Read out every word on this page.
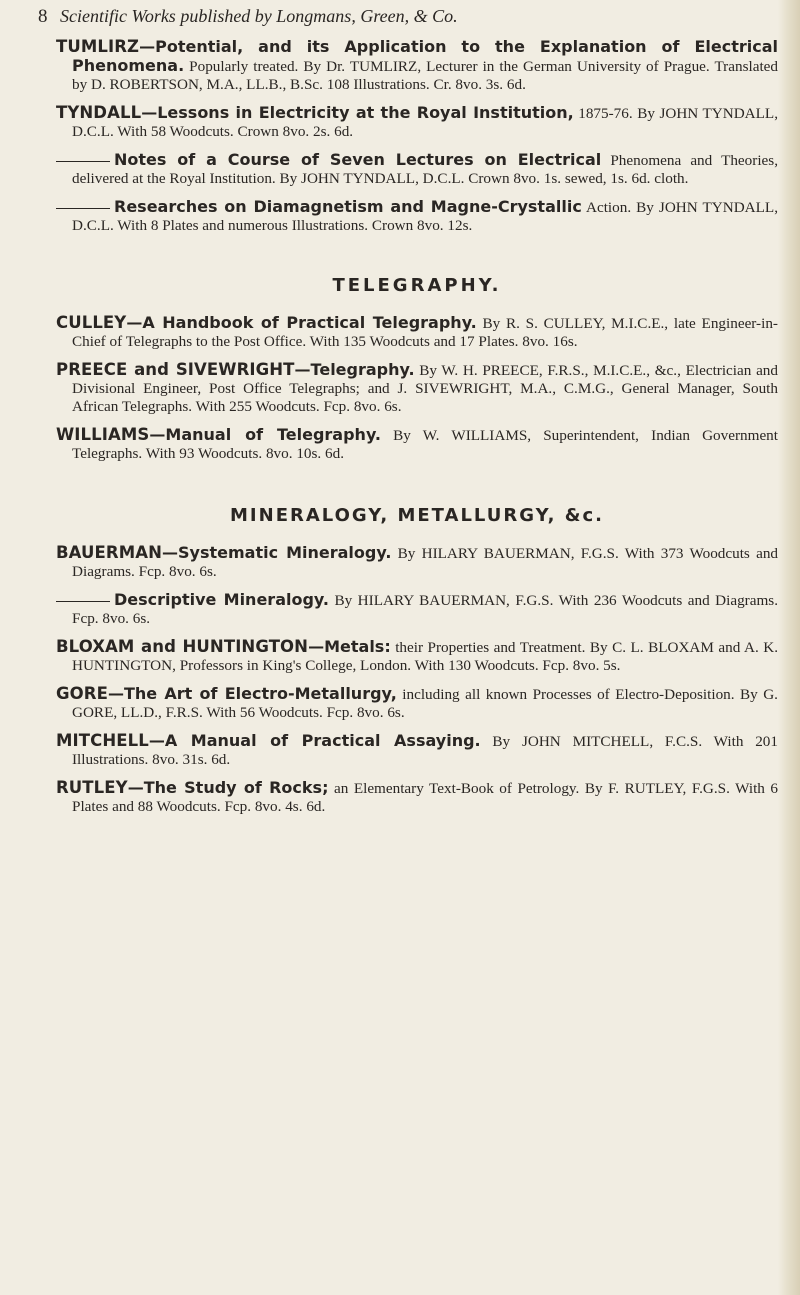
8 Scientific Works published by Longmans, Green, & Co.

TUMLIRZ—Potential, and its Application to the Explanation of Electrical Phenomena. Popularly treated. By Dr. TUMLIRZ, Lecturer in the German University of Prague. Translated by D. ROBERTSON, M.A., LL.B., B.Sc. 108 Illustrations. Cr. 8vo. 3s. 6d.

TYNDALL—Lessons in Electricity at the Royal Institution, 1875-76. By JOHN TYNDALL, D.C.L. With 58 Woodcuts. Crown 8vo. 2s. 6d.

Notes of a Course of Seven Lectures on Electrical Phenomena and Theories, delivered at the Royal Institution. By JOHN TYNDALL, D.C.L. Crown 8vo. 1s. sewed, 1s. 6d. cloth.

Researches on Diamagnetism and Magne-Crystallic Action. By JOHN TYNDALL, D.C.L. With 8 Plates and numerous Illustrations. Crown 8vo. 12s.

TELEGRAPHY.

CULLEY—A Handbook of Practical Telegraphy. By R. S. CULLEY, M.I.C.E., late Engineer-in-Chief of Telegraphs to the Post Office. With 135 Woodcuts and 17 Plates. 8vo. 16s.

PREECE and SIVEWRIGHT—Telegraphy. By W. H. PREECE, F.R.S., M.I.C.E., &c., Electrician and Divisional Engineer, Post Office Telegraphs; and J. SIVEWRIGHT, M.A., C.M.G., General Manager, South African Telegraphs. With 255 Woodcuts. Fcp. 8vo. 6s.

WILLIAMS—Manual of Telegraphy. By W. WILLIAMS, Superintendent, Indian Government Telegraphs. With 93 Woodcuts. 8vo. 10s. 6d.

MINERALOGY, METALLURGY, &c.

BAUERMAN—Systematic Mineralogy. By HILARY BAUERMAN, F.G.S. With 373 Woodcuts and Diagrams. Fcp. 8vo. 6s.

Descriptive Mineralogy. By HILARY BAUERMAN, F.G.S. With 236 Woodcuts and Diagrams. Fcp. 8vo. 6s.

BLOXAM and HUNTINGTON—Metals: their Properties and Treatment. By C. L. BLOXAM and A. K. HUNTINGTON, Professors in King's College, London. With 130 Woodcuts. Fcp. 8vo. 5s.

GORE—The Art of Electro-Metallurgy, including all known Processes of Electro-Deposition. By G. GORE, LL.D., F.R.S. With 56 Woodcuts. Fcp. 8vo. 6s.

MITCHELL—A Manual of Practical Assaying. By JOHN MITCHELL, F.C.S. With 201 Illustrations. 8vo. 31s. 6d.

RUTLEY—The Study of Rocks; an Elementary Text-Book of Petrology. By F. RUTLEY, F.G.S. With 6 Plates and 88 Woodcuts. Fcp. 8vo. 4s. 6d.
